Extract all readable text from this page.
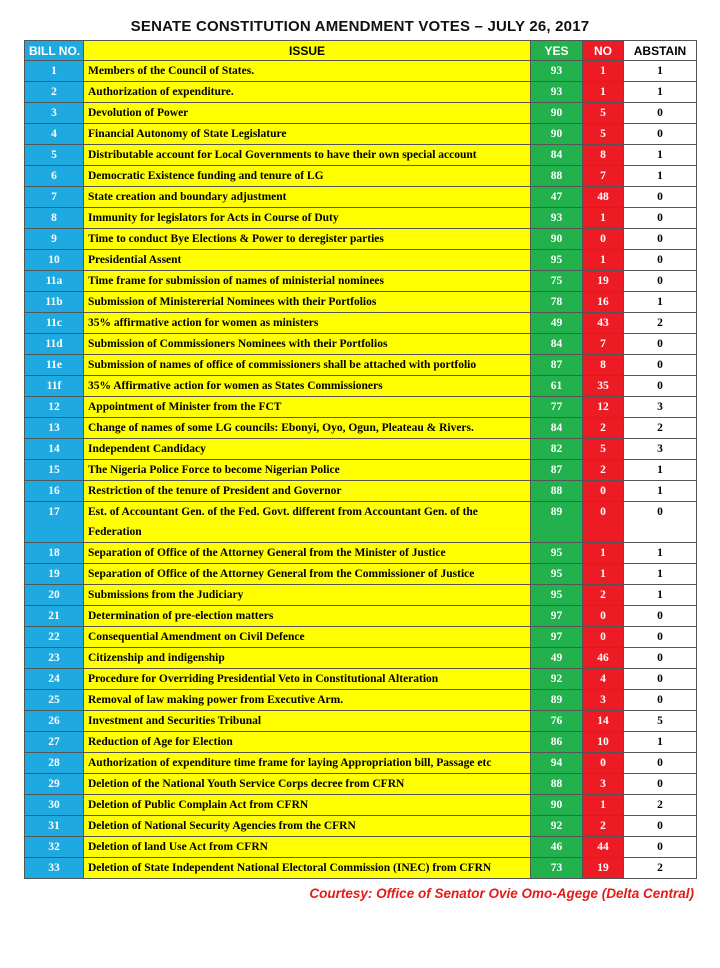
SENATE CONSTITUTION AMENDMENT VOTES – JULY 26, 2017
BILL NO.	ISSUE	YES	NO	ABSTAIN
1	Members of the Council of States.	93	1	1
2	Authorization of expenditure.	93	1	1
3	Devolution of Power	90	5	0
4	Financial Autonomy of State Legislature	90	5	0
5	Distributable account for Local Governments to have their own special account	84	8	1
6	Democratic Existence funding and tenure of LG	88	7	1
7	State creation and boundary adjustment	47	48	0
8	Immunity for legislators for Acts in Course of Duty	93	1	0
9	Time to conduct Bye Elections & Power to deregister parties	90	0	0
10	Presidential Assent	95	1	0
11a	Time frame for submission of names of ministerial nominees	75	19	0
11b	Submission of Ministererial Nominees with their Portfolios	78	16	1
11c	35% affirmative action for women as ministers	49	43	2
11d	Submission of Commissioners Nominees with their Portfolios	84	7	0
11e	Submission of names of office of commissioners shall be attached with portfolio	87	8	0
11f	35% Affirmative action for women as States Commissioners	61	35	0
12	Appointment of Minister from the FCT	77	12	3
13	Change of names of some LG councils: Ebonyi, Oyo, Ogun, Pleateau & Rivers.	84	2	2
14	Independent Candidacy	82	5	3
15	The Nigeria Police Force to become Nigerian Police	87	2	1
16	Restriction of the tenure of President and Governor	88	0	1
17	Est. of Accountant Gen. of the Fed. Govt. different from Accountant Gen. of the Federation	89	0	0
18	Separation of Office of the Attorney General from the Minister of Justice	95	1	1
19	Separation of Office of the Attorney General from the Commissioner of Justice	95	1	1
20	Submissions from the Judiciary	95	2	1
21	Determination of pre-election matters	97	0	0
22	Consequential Amendment on Civil Defence	97	0	0
23	Citizenship and indigenship	49	46	0
24	Procedure for Overriding Presidential Veto in Constitutional Alteration	92	4	0
25	Removal of law making power from Executive Arm.	89	3	0
26	Investment and Securities Tribunal	76	14	5
27	Reduction of Age for Election	86	10	1
28	Authorization of expenditure time frame for laying Appropriation bill, Passage etc	94	0	0
29	Deletion of the National Youth Service Corps decree from CFRN	88	3	0
30	Deletion of Public Complain Act from CFRN	90	1	2
31	Deletion of National Security Agencies from the CFRN	92	2	0
32	Deletion of land Use Act from CFRN	46	44	0
33	Deletion of State Independent National Electoral Commission (INEC) from CFRN	73	19	2
Courtesy: Office of Senator Ovie Omo-Agege (Delta Central)
